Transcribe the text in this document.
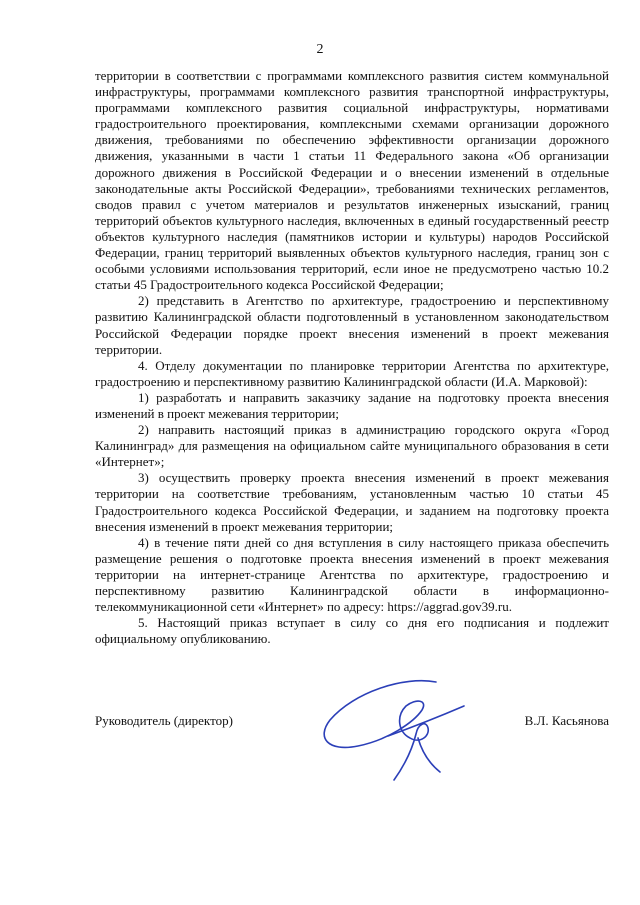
2

территории в соответствии с программами комплексного развития систем коммунальной инфраструктуры, программами комплексного развития транспортной инфраструктуры, программами комплексного развития социальной инфраструктуры, нормативами градостроительного проектирования, комплексными схемами организации дорожного движения, требованиями по обеспечению эффективности организации дорожного движения, указанными в части 1 статьи 11 Федерального закона «Об организации дорожного движения в Российской Федерации и о внесении изменений в отдельные законодательные акты Российской Федерации», требованиями технических регламентов, сводов правил с учетом материалов и результатов инженерных изысканий, границ территорий объектов культурного наследия, включенных в единый государственный реестр объектов культурного наследия (памятников истории и культуры) народов Российской Федерации, границ территорий выявленных объектов культурного наследия, границ зон с особыми условиями использования территорий, если иное не предусмотрено частью 10.2 статьи 45 Градостроительного кодекса Российской Федерации;

2) представить в Агентство по архитектуре, градостроению и перспективному развитию Калининградской области подготовленный в установленном законодательством Российской Федерации порядке проект внесения изменений в проект межевания территории.

4. Отделу документации по планировке территории Агентства по архитектуре, градостроению и перспективному развитию Калининградской области (И.А. Марковой):

1) разработать и направить заказчику задание на подготовку проекта внесения изменений в проект межевания территории;

2) направить настоящий приказ в администрацию городского округа «Город Калининград» для размещения на официальном сайте муниципального образования в сети «Интернет»;

3) осуществить проверку проекта внесения изменений в проект межевания территории на соответствие требованиям, установленным частью 10 статьи 45 Градостроительного кодекса Российской Федерации, и заданием на подготовку проекта внесения изменений в проект межевания территории;

4) в течение пяти дней со дня вступления в силу настоящего приказа обеспечить размещение решения о подготовке проекта внесения изменений в проект межевания территории на интернет-странице Агентства по архитектуре, градостроению и перспективному развитию Калининградской области в информационно-телекоммуникационной сети «Интернет» по адресу: https://aggrad.gov39.ru.

5. Настоящий приказ вступает в силу со дня его подписания и подлежит официальному опубликованию.

Руководитель (директор)	В.Л. Касьянова
